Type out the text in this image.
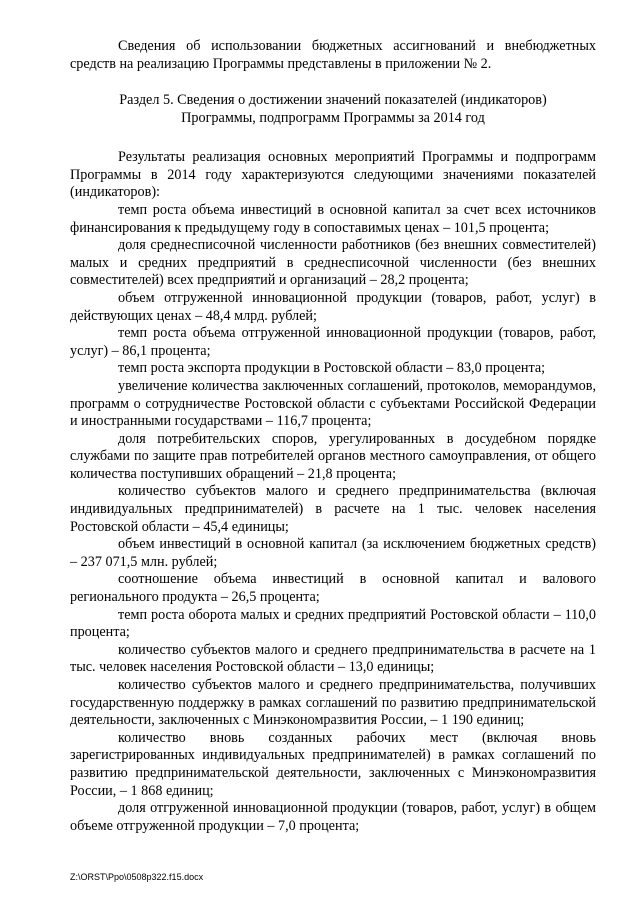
Сведения об использовании бюджетных ассигнований и внебюджетных средств на реализацию Программы представлены в приложении № 2.

Раздел 5. Сведения о достижении значений показателей (индикаторов)

Программы, подпрограмм Программы за 2014 год

Результаты реализация основных мероприятий Программы и подпрограмм Программы в 2014 году характеризуются следующими значениями показателей (индикаторов):

темп роста объема инвестиций в основной капитал за счет всех источников финансирования к предыдущему году в сопоставимых ценах – 101,5 процента;

доля среднесписочной численности работников (без внешних совместителей) малых и средних предприятий в среднесписочной численности (без внешних совместителей) всех предприятий и организаций – 28,2 процента;

объем отгруженной инновационной продукции (товаров, работ, услуг) в действующих ценах – 48,4 млрд. рублей;

темп роста объема отгруженной инновационной продукции (товаров, работ, услуг) – 86,1 процента;

темп роста экспорта продукции в Ростовской области – 83,0 процента;

увеличение количества заключенных соглашений, протоколов, меморандумов, программ о сотрудничестве Ростовской области с субъектами Российской Федерации и иностранными государствами – 116,7 процента;

доля потребительских споров, урегулированных в досудебном порядке службами по защите прав потребителей органов местного самоуправления, от общего количества поступивших обращений – 21,8 процента;

количество субъектов малого и среднего предпринимательства (включая индивидуальных предпринимателей) в расчете на 1 тыс. человек населения Ростовской области – 45,4 единицы;

объем инвестиций в основной капитал (за исключением бюджетных средств) – 237 071,5 млн. рублей;

соотношение объема инвестиций в основной капитал и валового регионального продукта – 26,5 процента;

темп роста оборота малых и средних предприятий Ростовской области – 110,0 процента;

количество субъектов малого и среднего предпринимательства в расчете на 1 тыс. человек населения Ростовской области – 13,0 единицы;

количество субъектов малого и среднего предпринимательства, получивших государственную поддержку в рамках соглашений по развитию предпринимательской деятельности, заключенных с Минэкономразвития России, – 1 190 единиц;

количество вновь созданных рабочих мест (включая вновь зарегистрированных индивидуальных предпринимателей) в рамках соглашений по развитию предпринимательской деятельности, заключенных с Минэкономразвития России, – 1 868 единиц;

доля отгруженной инновационной продукции (товаров, работ, услуг) в общем объеме отгруженной продукции – 7,0 процента;

Z:\ORST\Ppo\0508p322.f15.docx
